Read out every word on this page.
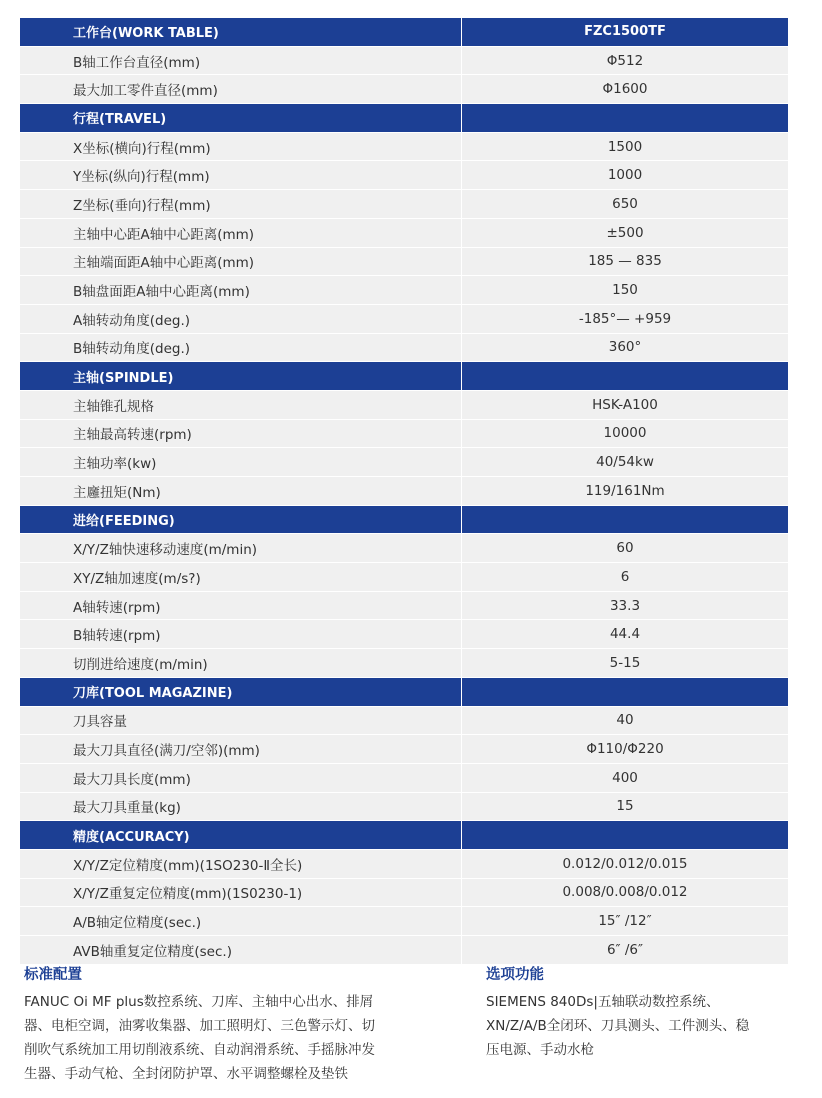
工作台(WORK TABLE)	FZC1500TF
B轴工作台直径(mm)	Φ512
最大加工零件直径(mm)	Φ1600
行程(TRAVEL)	
X坐标(横向)行程(mm)	1500
Y坐标(纵向)行程(mm)	1000
Z坐标(垂向)行程(mm)	650
主轴中心距A轴中心距离(mm)	±500
主轴端面距A轴中心距离(mm)	185 — 835
B轴盘面距A轴中心距离(mm)	150
A轴转动角度(deg.)	-185°— +959
B轴转动角度(deg.)	360°
主轴(SPINDLE)	
主轴锥孔规格	HSK-A100
主轴最高转速(rpm)	10000
主轴功率(kw)	40/54kw
主廱扭矩(Nm)	119/161Nm
进给(FEEDING)	
X/Y/Z轴快速移动速度(m/min)	60
XY/Z轴加速度(m/s?)	6
A轴转速(rpm)	33.3
B轴转速(rpm)	44.4
切削进给速度(m/min)	5-15
刀库(TOOL MAGAZINE)	
刀具容量	40
最大刀具直径(满刀/空邻)(mm)	Φ110/Φ220
最大刀具长度(mm)	400
最大刀具重量(kg)	15
精度(ACCURACY)	
X/Y/Z定位精度(mm)(1SO230-Ⅱ全长)	0.012/0.012/0.015
X/Y/Z重复定位精度(mm)(1S0230-1)	0.008/0.008/0.012
A/B轴定位精度(sec.)	15″ /12″
AVB轴重复定位精度(sec.)	6″ /6″
标准配置
FANUC Oi MF plus数控系统、刀库、主轴中心出水、排屑
器、电柜空调，油雾收集器、加工照明灯、三色警示灯、切
削吹气系统加工用切削液系统、自动润滑系统、手摇脉冲发
生器、手动气枪、全封闭防护罩、水平调整螺栓及垫铁
选项功能
SIEMENS 840Ds|五轴联动数控系统、
XN/Z/A/B全闭环、刀具测头、工件测头、稳
压电源、手动水枪
